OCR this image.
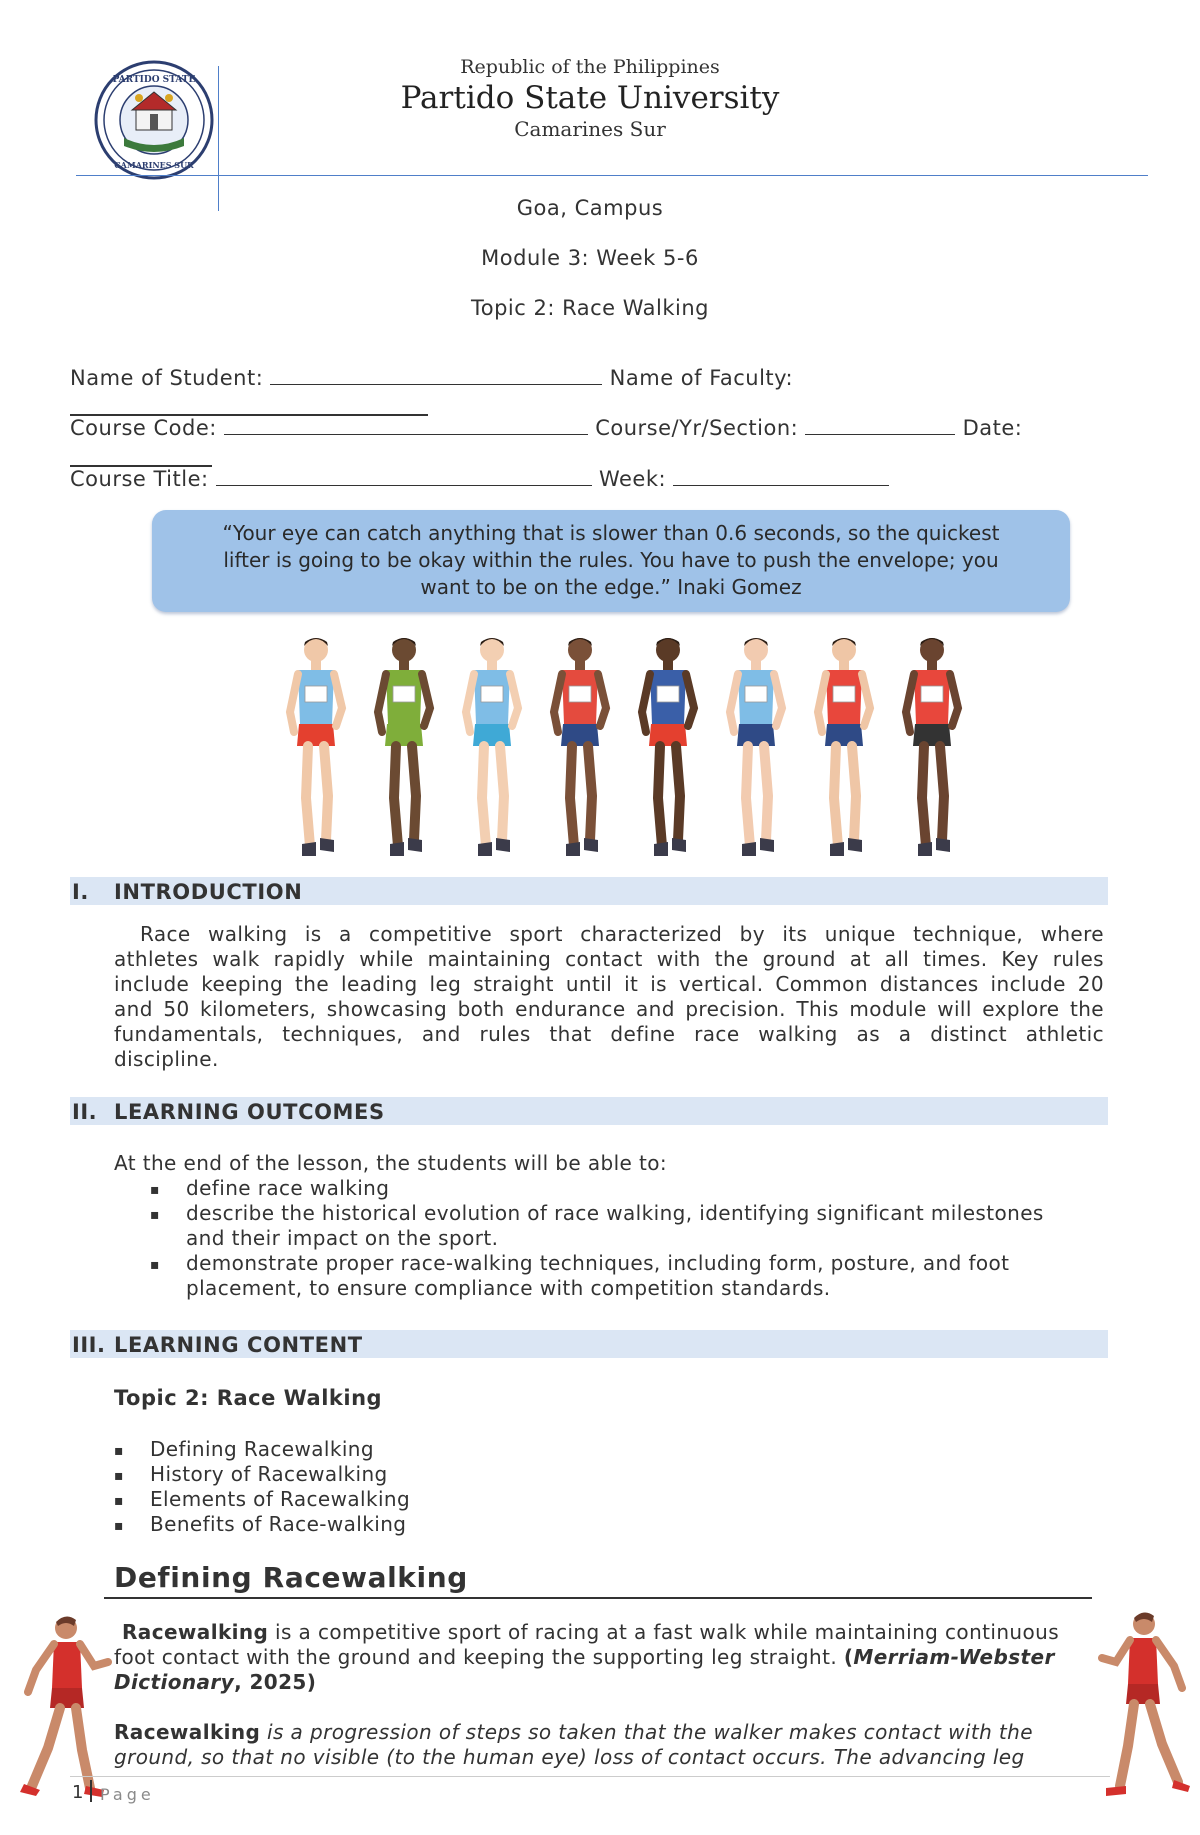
PARTIDO STATE
CAMARINES SUR
Republic of the Philippines
Partido State University
Camarines Sur
Goa, Campus
Module 3: Week 5-6
Topic 2: Race Walking
Name of Student:	Name of Faculty:
Course Code:	Course/Yr/Section:	Date:
Course Title:	Week:
“Your eye can catch anything that is slower than 0.6 seconds, so the quickest
lifter is going to be okay within the rules. You have to push the envelope; you
want to be on the edge.” Inaki Gomez
I. INTRODUCTION
Race walking is a competitive sport characterized by its unique technique, where
athletes walk rapidly while maintaining contact with the ground at all times. Key rules
include keeping the leading leg straight until it is vertical. Common distances include 20
and 50 kilometers, showcasing both endurance and precision. This module will explore the
fundamentals, techniques, and rules that define race walking as a distinct athletic
discipline.
II. LEARNING OUTCOMES
At the end of the lesson, the students will be able to:
▪	define race walking
▪	describe the historical evolution of race walking, identifying significant milestones
and their impact on the sport.
▪	demonstrate proper race-walking techniques, including form, posture, and foot
placement, to ensure compliance with competition standards.
III. LEARNING CONTENT
Topic 2: Race Walking
▪ Defining Racewalking
▪ History of Racewalking
▪ Elements of Racewalking
▪ Benefits of Race-walking
Defining Racewalking
Racewalking is a competitive sport of racing at a fast walk while maintaining continuous
foot contact with the ground and keeping the supporting leg straight. (Merriam-Webster
Dictionary, 2025)
Racewalking is a progression of steps so taken that the walker makes contact with the
ground, so that no visible (to the human eye) loss of contact occurs. The advancing leg
1 Page
